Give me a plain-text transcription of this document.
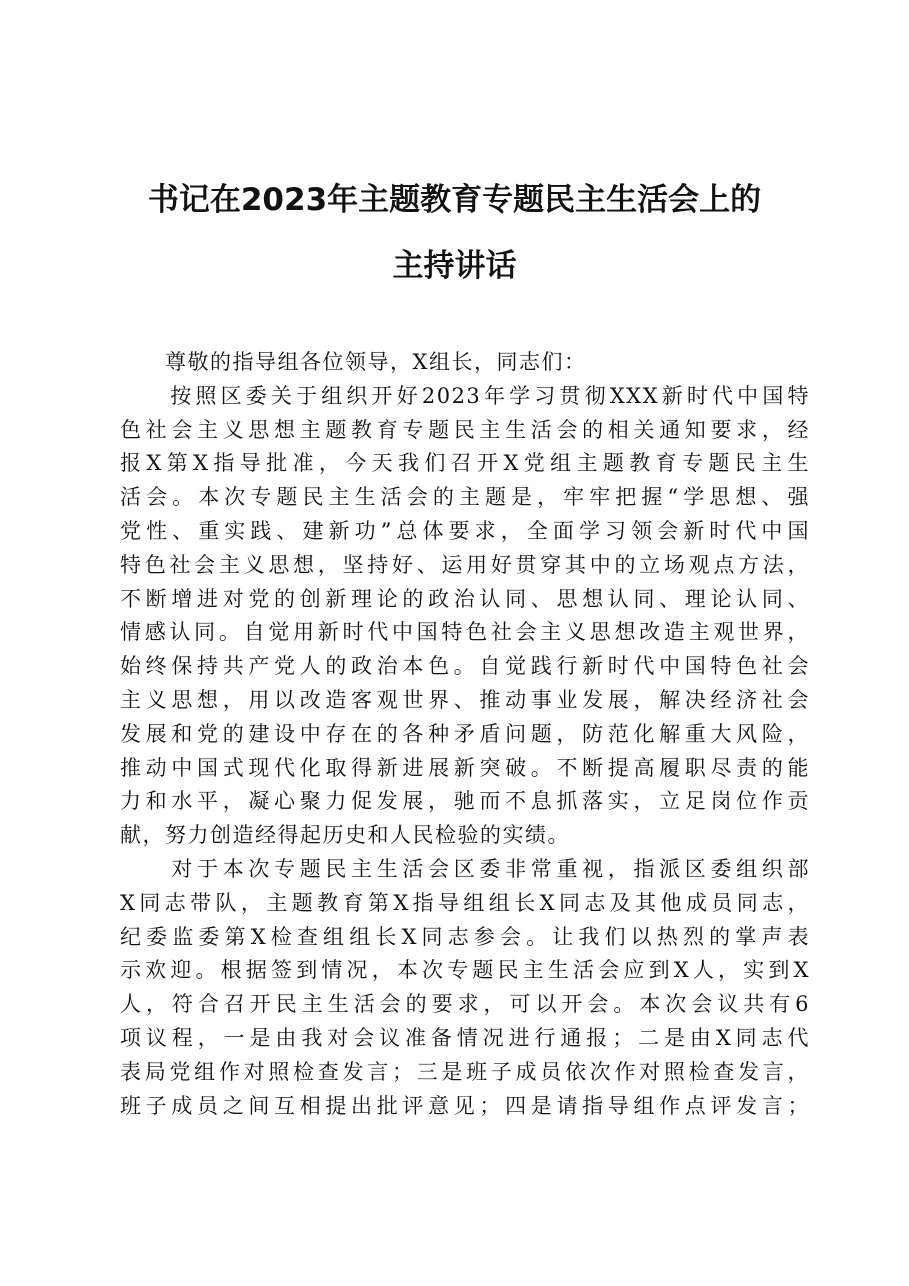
书记在2023年主题教育专题民主生活会上的
主持讲话
　　尊敬的指导组各位领导，X组长，同志们：
　　按照区委关于组织开好2023年学习贯彻XXX新时代中国特
色社会主义思想主题教育专题民主生活会的相关通知要求，经
报X第X指导批准，今天我们召开X党组主题教育专题民主生
活会。本次专题民主生活会的主题是，牢牢把握“学思想、强
党性、重实践、建新功”总体要求，全面学习领会新时代中国
特色社会主义思想，坚持好、运用好贯穿其中的立场观点方法，
不断增进对党的创新理论的政治认同、思想认同、理论认同、
情感认同。自觉用新时代中国特色社会主义思想改造主观世界，
始终保持共产党人的政治本色。自觉践行新时代中国特色社会
主义思想，用以改造客观世界、推动事业发展，解决经济社会
发展和党的建设中存在的各种矛盾问题，防范化解重大风险，
推动中国式现代化取得新进展新突破。不断提高履职尽责的能
力和水平，凝心聚力促发展，驰而不息抓落实，立足岗位作贡
献，努力创造经得起历史和人民检验的实绩。
　　对于本次专题民主生活会区委非常重视，指派区委组织部
X同志带队，主题教育第X指导组组长X同志及其他成员同志，
纪委监委第X检查组组长X同志参会。让我们以热烈的掌声表
示欢迎。根据签到情况，本次专题民主生活会应到X人，实到X
人，符合召开民主生活会的要求，可以开会。本次会议共有6
项议程，一是由我对会议准备情况进行通报；二是由X同志代
表局党组作对照检查发言；三是班子成员依次作对照检查发言，
班子成员之间互相提出批评意见；四是请指导组作点评发言；
